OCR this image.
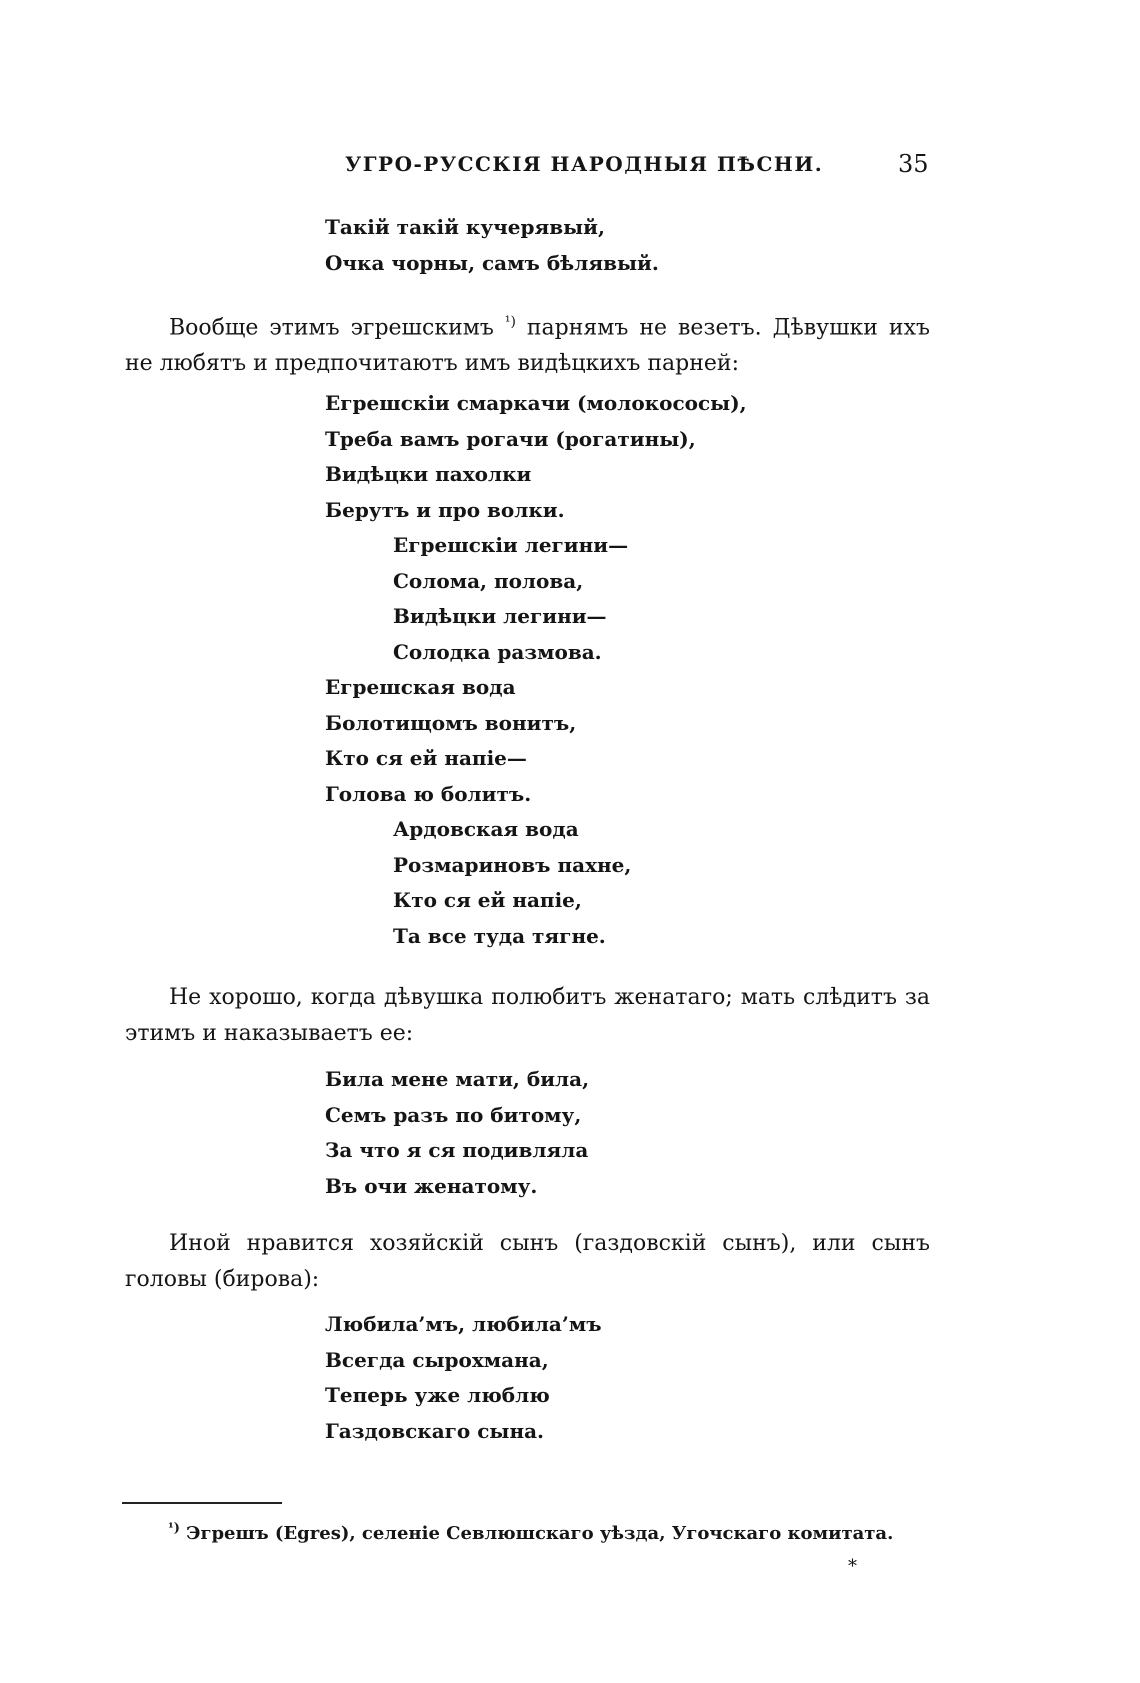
УГРО-РУССКІЯ НАРОДНЫЯ ПѢСНИ.	35
Такій такій кучерявый,
Очка чорны, самъ бѣлявый.
Вообще этимъ эгрешскимъ $^{^1)}$ парнямъ не везетъ. Дѣвушки ихъ не любятъ и предпочитаютъ имъ видѣцкихъ парней:
Егрешскіи смаркачи (молокососы),
Треба вамъ рогачи (рогатины),
Видѣцки пахолки
Берутъ и про волки.
Егрешскіи легини—
Солома, полова,
Видѣцки легини—
Солодка размова.
Егрешская вода
Болотищомъ вонитъ,
Кто ся ей напіе—
Голова ю болитъ.
Ардовская вода
Розмариновъ пахне,
Кто ся ей напіе,
Та все туда тягне.
Не хорошо, когда дѣвушка полюбитъ женатаго; мать слѣдитъ за этимъ и наказываетъ ее:
Била мене мати, била,
Семъ разъ по битому,
За что я ся подивляла
Въ очи женатому.
Иной нравится хозяйскій сынъ (газдовскій сынъ), или сынъ головы (бирова):
Любила’мъ, любила’мъ
Всегда сырохмана,
Теперь уже люблю
Газдовскаго сына.
$^{^1)}$ Эгрешъ (Egres), селеніе Севлюшскаго уѣзда, Угочскаго комитата.
*
